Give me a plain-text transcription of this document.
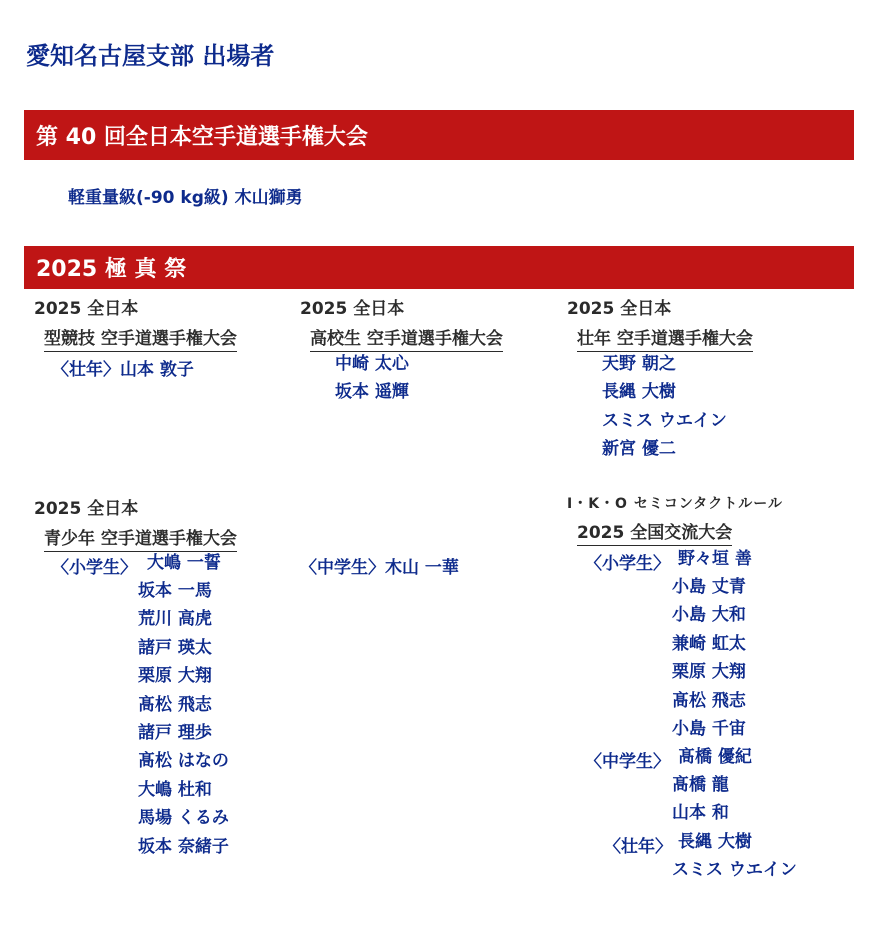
愛知名古屋支部 出場者
第 40 回全日本空手道選手権大会
軽重量級(-90 kg級) 木山獅勇
2025 極 真 祭
2025 全日本
型競技 空手道選手権大会
〈壮年〉山本 敦子
2025 全日本
高校生 空手道選手権大会
中崎 太心
坂本 遥輝
2025 全日本
壮年 空手道選手権大会
天野 朝之
長縄 大樹
スミス ウエイン
新宮 優二
2025 全日本
青少年 空手道選手権大会
〈小学生〉 大嶋 一誓
坂本 一馬
荒川 高虎
諸戸 瑛太
栗原 大翔
髙松 飛志
諸戸 理歩
髙松 はなの
大嶋 杜和
馬場 くるみ
坂本 奈緒子
〈中学生〉木山 一華
I・K・O セミコンタクトルール
2025 全国交流大会
〈小学生〉 野々垣 善
小島 丈青
小島 大和
兼崎 虹太
栗原 大翔
髙松 飛志
小島 千宙
〈中学生〉 髙橋 優紀
髙橋 龍
山本 和
〈壮年〉 長縄 大樹
スミス ウエイン
